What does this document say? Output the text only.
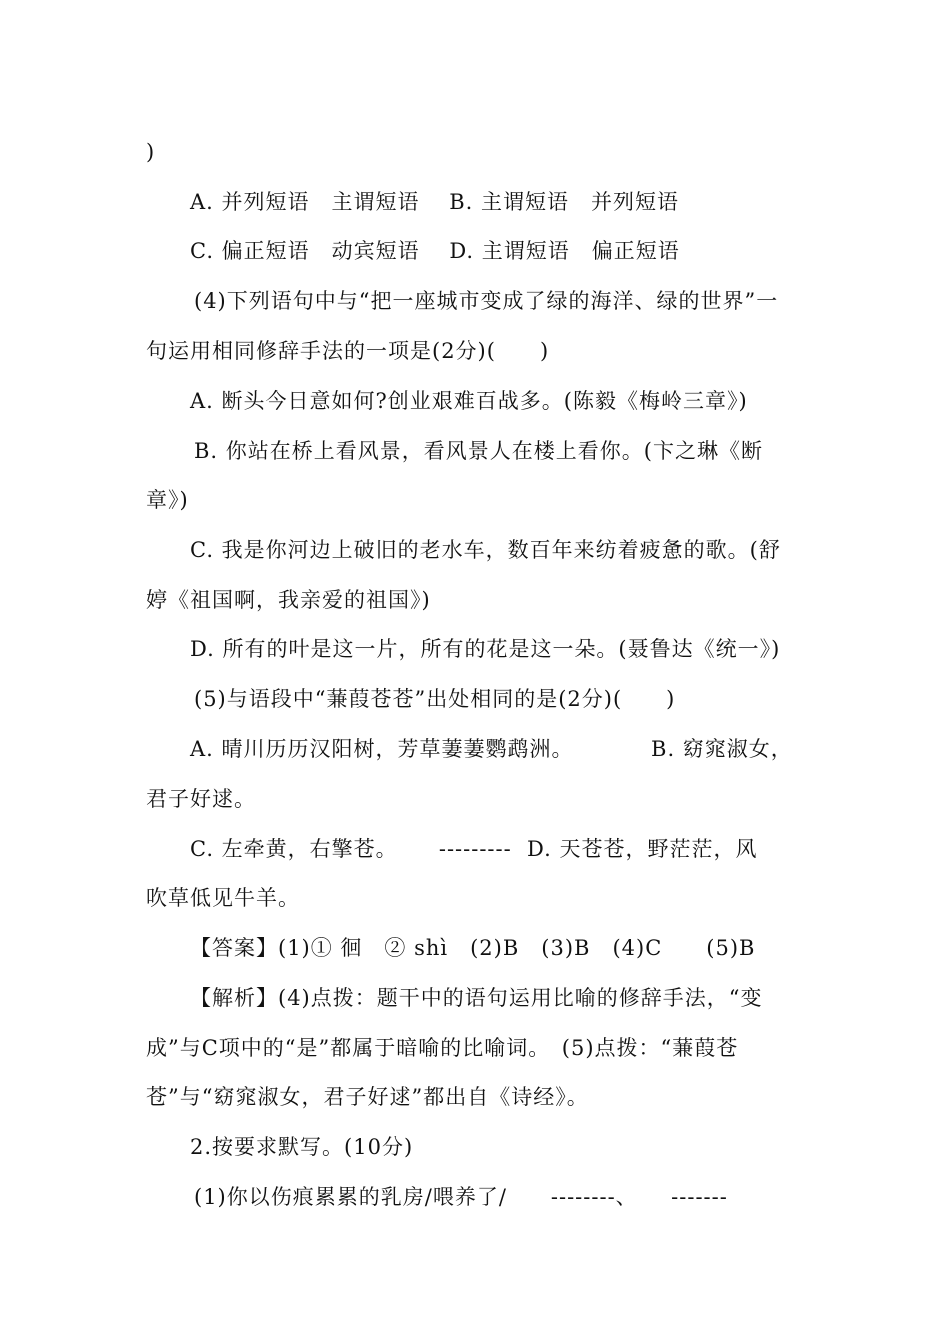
)
A. 并列短语　主谓短语　 B. 主谓短语　并列短语
C. 偏正短语　动宾短语　 D. 主谓短语　偏正短语
(4)下列语句中与“把一座城市变成了绿的海洋、绿的世界”一
句运用相同修辞手法的一项是(2分)(　　)
A. 断头今日意如何?创业艰难百战多。(陈毅《梅岭三章》)
B. 你站在桥上看风景，看风景人在楼上看你。(卞之琳《断
章》)
C. 我是你河边上破旧的老水车，数百年来纺着疲惫的歌。(舒
婷《祖国啊，我亲爱的祖国》)
D. 所有的叶是这一片，所有的花是这一朵。(聂鲁达《统一》)
(5)与语段中“蒹葭苍苍”出处相同的是(2分)(　　)
A. 晴川历历汉阳树，芳草萋萋鹦鹉洲。　　　　B. 窈窕淑女，
君子好逑。
C. 左牵黄，右擎苍。　　 ---------  D. 天苍苍，野茫茫，风
吹草低见牛羊。
【答案】(1)① 徊　② shì　(2)B　(3)B　(4)C　　(5)B
【解析】(4)点拨：题干中的语句运用比喻的修辞手法，“变
成”与C项中的“是”都属于暗喻的比喻词。　(5)点拨：“蒹葭苍
苍”与“窈窕淑女，君子好逑”都出自《诗经》。
2.按要求默写。(10分)
(1)你以伤痕累累的乳房/喂养了/　　--------、　　-------
